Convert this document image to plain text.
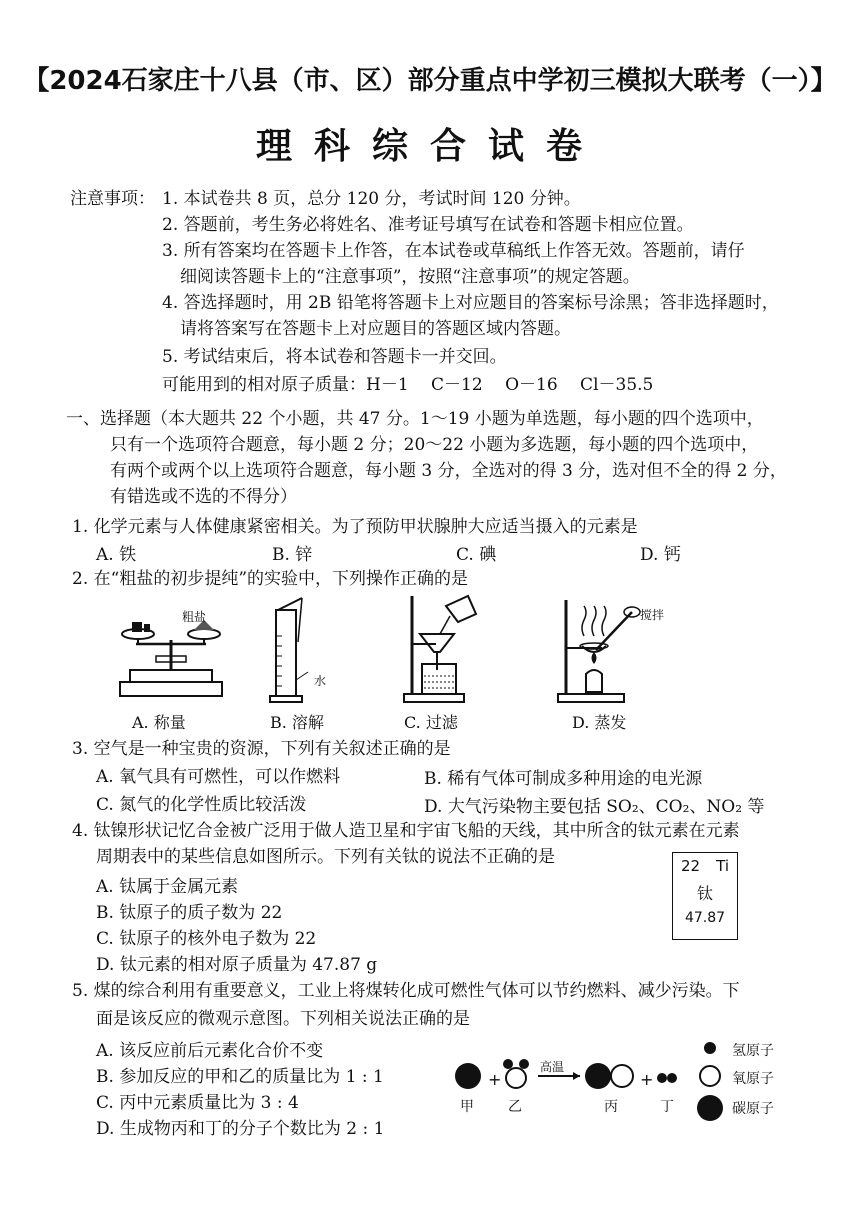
【2024石家庄十八县（市、区）部分重点中学初三模拟大联考（一）】
理科综合试卷
注意事项： 1. 本试卷共 8 页，总分 120 分，考试时间 120 分钟。
2. 答题前，考生务必将姓名、准考证号填写在试卷和答题卡相应位置。
3. 所有答案均在答题卡上作答，在本试卷或草稿纸上作答无效。答题前，请仔
细阅读答题卡上的“注意事项”，按照“注意事项”的规定答题。
4. 答选择题时，用 2B 铅笔将答题卡上对应题目的答案标号涂黑；答非选择题时，
请将答案写在答题卡上对应题目的答题区域内答题。
5. 考试结束后，将本试卷和答题卡一并交回。
可能用到的相对原子质量：H－1　 C－12　 O－16　 Cl－35.5
一、选择题（本大题共 22 个小题，共 47 分。1～19 小题为单选题，每小题的四个选项中，
只有一个选项符合题意，每小题 2 分；20～22 小题为多选题，每小题的四个选项中，
有两个或两个以上选项符合题意，每小题 3 分，全选对的得 3 分，选对但不全的得 2 分，
有错选或不选的不得分）
1. 化学元素与人体健康紧密相关。为了预防甲状腺肿大应适当摄入的元素是
A. 铁	B. 锌	C. 碘	D. 钙
2. 在“粗盐的初步提纯”的实验中，下列操作正确的是
粗盐
水
搅拌
A. 称量	B. 溶解	C. 过滤	D. 蒸发
3. 空气是一种宝贵的资源，下列有关叙述正确的是
A. 氧气具有可燃性，可以作燃料	B. 稀有气体可制成多种用途的电光源
C. 氮气的化学性质比较活泼	D. 大气污染物主要包括 SO₂、CO₂、NO₂ 等
4. 钛镍形状记忆合金被广泛用于做人造卫星和宇宙飞船的天线，其中所含的钛元素在元素
周期表中的某些信息如图所示。下列有关钛的说法不正确的是
A. 钛属于金属元素
B. 钛原子的质子数为 22
C. 钛原子的核外电子数为 22
D. 钛元素的相对原子质量为 47.87 g
22 Ti
钛
47.87
5. 煤的综合利用有重要意义，工业上将煤转化成可燃性气体可以节约燃料、减少污染。下
面是该反应的微观示意图。下列相关说法正确的是
A. 该反应前后元素化合价不变
B. 参加反应的甲和乙的质量比为 1 : 1
C. 丙中元素质量比为 3 : 4
D. 生成物丙和丁的分子个数比为 2 : 1
+	+
高温
甲 乙	丙	丁
氢原子
氧原子
碳原子
